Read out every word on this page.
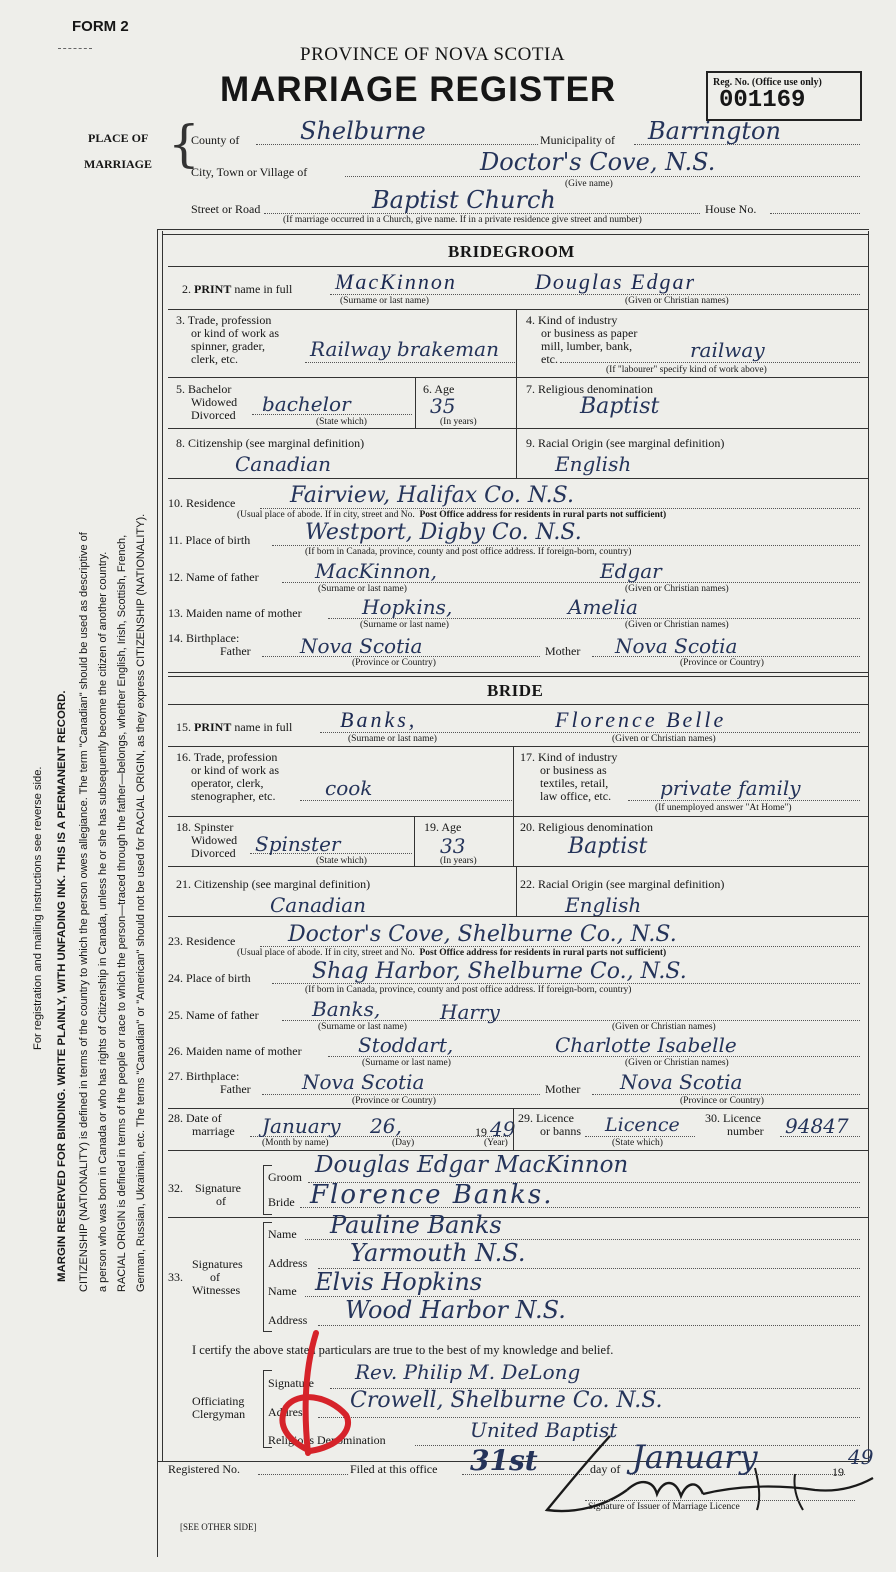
FORM 2
PROVINCE OF NOVA SCOTIA
MARRIAGE REGISTER	Reg. No. (Office use only)
001169
For registration and mailing instructions see reverse side. MARGIN RESERVED FOR BINDING. WRITE PLAINLY, WITH UNFADING INK. THIS IS A PERMANENT RECORD. CITIZENSHIP (NATIONALITY) is defined in terms of the country to which the person owes allegiance. The term "Canadian" should be used as descriptive of a person who was born in Canada or who has rights of Citizenship in Canada, unless he or she has subsequently become the citizen of another country. RACIAL ORIGIN is defined in terms of the people or race to which the person—traced through the father—belongs, whether English, Irish, Scottish, French, German, Russian, Ukrainian, etc. The terms "Canadian" or "American" should not be used for RACIAL ORIGIN, as they express CITIZENSHIP (NATIONALITY).
PLACE OF
MARRIAGE {
County of	Shelburne	Municipality of Barrington
City, Town or Village of	Doctor's Cove, N.S.
(Give name)
Street or Road	Baptist Church	House No.
(If marriage occurred in a Church, give name. If in a private residence give street and number)
BRIDEGROOM
2. PRINT name in full MacKinnon	Douglas Edgar
(Surname or last name)	(Given or Christian names)
3. Trade, profession
or kind of work as
spinner, grader,
clerk, etc.	Railway brakeman
4. Kind of industry
or business as paper
mill, lumber, bank,
etc.	railway
(If "labourer" specify kind of work above)
5. Bachelor
Widowed
Divorced bachelor
(State which)
6. Age
35
(In years)
7. Religious denomination
Baptist
8. Citizenship (see marginal definition)
Canadian
9. Racial Origin (see marginal definition)
English
10. Residence Fairview, Halifax Co. N.S.
(Usual place of abode. If in city, street and No. Post Office address for residents in rural parts not sufficient)
11. Place of birth Westport, Digby Co. N.S.
(If born in Canada, province, county and post office address. If foreign-born, country)
12. Name of father	MacKinnon,	Edgar
(Surname or last name)	(Given or Christian names)
13. Maiden name of mother	Hopkins,	Amelia
(Surname or last name)	(Given or Christian names)
14. Birthplace:
Father Nova Scotia	Mother Nova Scotia
(Province or Country)	(Province or Country)
BRIDE
15. PRINT name in full Banks,	Florence Belle
(Surname or last name)	(Given or Christian names)
16. Trade, profession
or kind of work as
operator, clerk,
stenographer, etc. cook
17. Kind of industry
or business as
textiles, retail,
law office, etc.	private family
(If unemployed answer "At Home")
18. Spinster
Widowed
Divorced Spinster
(State which)
19. Age
33
(In years)
20. Religious denomination
Baptist
21. Citizenship (see marginal definition)
Canadian
22. Racial Origin (see marginal definition)
English
23. Residence Doctor's Cove, Shelburne Co., N.S.
(Usual place of abode. If in city, street and No. Post Office address for residents in rural parts not sufficient)
24. Place of birth	Shag Harbor, Shelburne Co., N.S.
(If born in Canada, province, county and post office address. If foreign-born, country)
25. Name of father	Banks,	Harry
(Surname or last name)	(Given or Christian names)
26. Maiden name of mother	Stoddart,	Charlotte Isabelle
(Surname or last name)	(Given or Christian names)
27. Birthplace:
Father	Nova Scotia	Mother Nova Scotia
(Province or Country)	(Province or Country)
28. Date of
marriage January 26,	19 49
(Month by name)	(Day)	(Year)
29. Licence
or banns Licence
(State which)
30. Licence
number 94847
32. Signature
of
Groom Douglas Edgar MacKinnon
Bride Florence Banks.
Signatures
33. of
Witnesses
Name Pauline Banks
Address Yarmouth N.S.
Name Elvis Hopkins
Address Wood Harbor N.S.
I certify the above stated particulars are true to the best of my knowledge and belief.
Officiating
Clergyman
Signature Rev. Philip M. DeLong
Address Crowell, Shelburne Co. N.S.
Religious Denomination	United Baptist
Registered No.	Filed at this office 31st	day of January	19
49
Signature of Issuer of Marriage Licence
[SEE OTHER SIDE]
